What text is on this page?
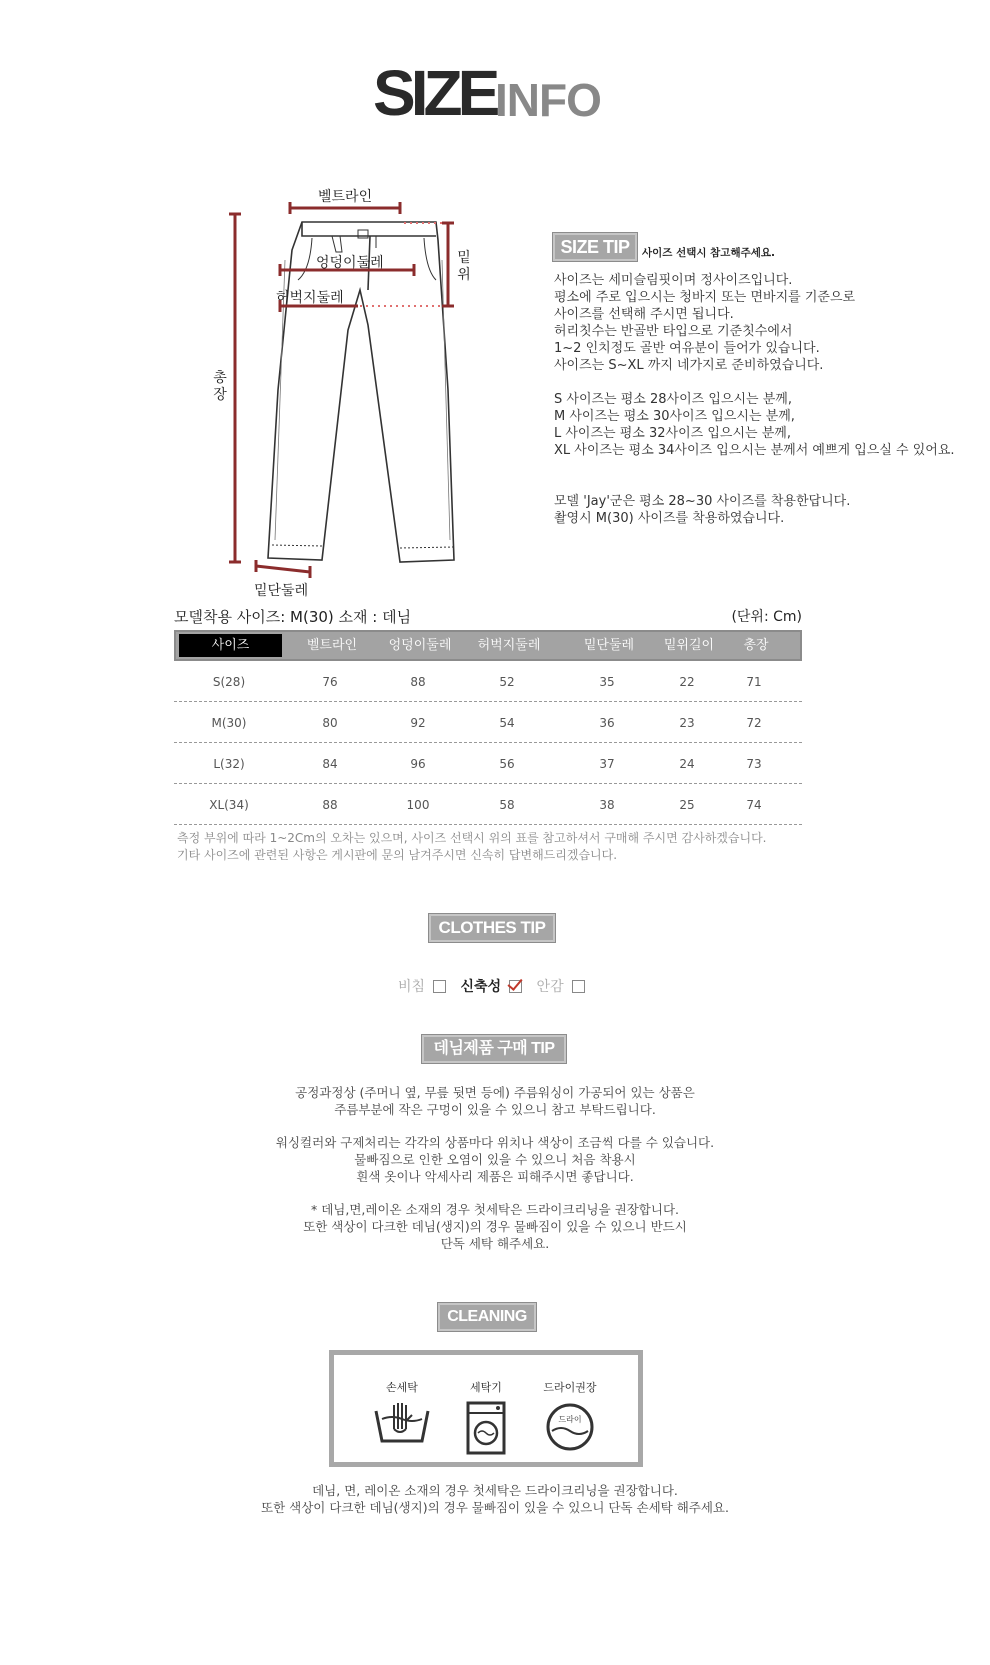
SIZE INFO
벨트라인
엉덩이둘레
허벅지둘레
밑단둘레
밑
위
총
장
SIZE TIP	사이즈 선택시 참고해주세요.
사이즈는 세미슬림핏이며 정사이즈입니다.
평소에 주로 입으시는 청바지 또는 면바지를 기준으로
사이즈를 선택해 주시면 됩니다.
허리칫수는 반골반 타입으로 기준칫수에서
1~2 인치정도 골반 여유분이 들어가 있습니다.
사이즈는 S~XL 까지 네가지로 준비하였습니다.
S 사이즈는 평소 28사이즈 입으시는 분께,
M 사이즈는 평소 30사이즈 입으시는 분께,
L 사이즈는 평소 32사이즈 입으시는 분께,
XL 사이즈는 평소 34사이즈 입으시는 분께서 예쁘게 입으실 수 있어요.
모델 'Jay'군은 평소 28~30 사이즈를 착용한답니다.
촬영시 M(30) 사이즈를 착용하였습니다.
모델착용 사이즈: M(30) 소재 : 데님	(단위: Cm)
사이즈	벨트라인	엉덩이둘레	허벅지둘레	밑단둘레	밑위길이	총장
S(28)	76	88	52	35	22	71
M(30)	80	92	54	36	23	72
L(32)	84	96	56	37	24	73
XL(34)	88	100	58	38	25	74
측정 부위에 따라 1~2Cm의 오차는 있으며, 사이즈 선택시 위의 표를 참고하셔서 구매해 주시면 감사하겠습니다.
기타 사이즈에 관련된 사항은 게시판에 문의 남겨주시면 신속히 답변해드리겠습니다.
CLOTHES TIP
비침	신축성	안감
데님제품 구매 TIP
공정과정상 (주머니 옆, 무릎 뒷면 등에) 주름워싱이 가공되어 있는 상품은
주름부분에 작은 구멍이 있을 수 있으니 참고 부탁드립니다.
워싱컬러와 구제처리는 각각의 상품마다 위치나 색상이 조금씩 다를 수 있습니다.
물빠짐으로 인한 오염이 있을 수 있으니 처음 착용시
흰색 옷이나 악세사리 제품은 피해주시면 좋답니다.
* 데님,면,레이온 소재의 경우 첫세탁은 드라이크리닝을 권장합니다.
또한 색상이 다크한 데님(생지)의 경우 물빠짐이 있을 수 있으니 반드시
단독 세탁 해주세요.
CLEANING
손세탁	세탁기	드라이권장
드라이
데님, 면, 레이온 소재의 경우 첫세탁은 드라이크리닝을 권장합니다.
또한 색상이 다크한 데님(생지)의 경우 물빠짐이 있을 수 있으니 단독 손세탁 해주세요.
